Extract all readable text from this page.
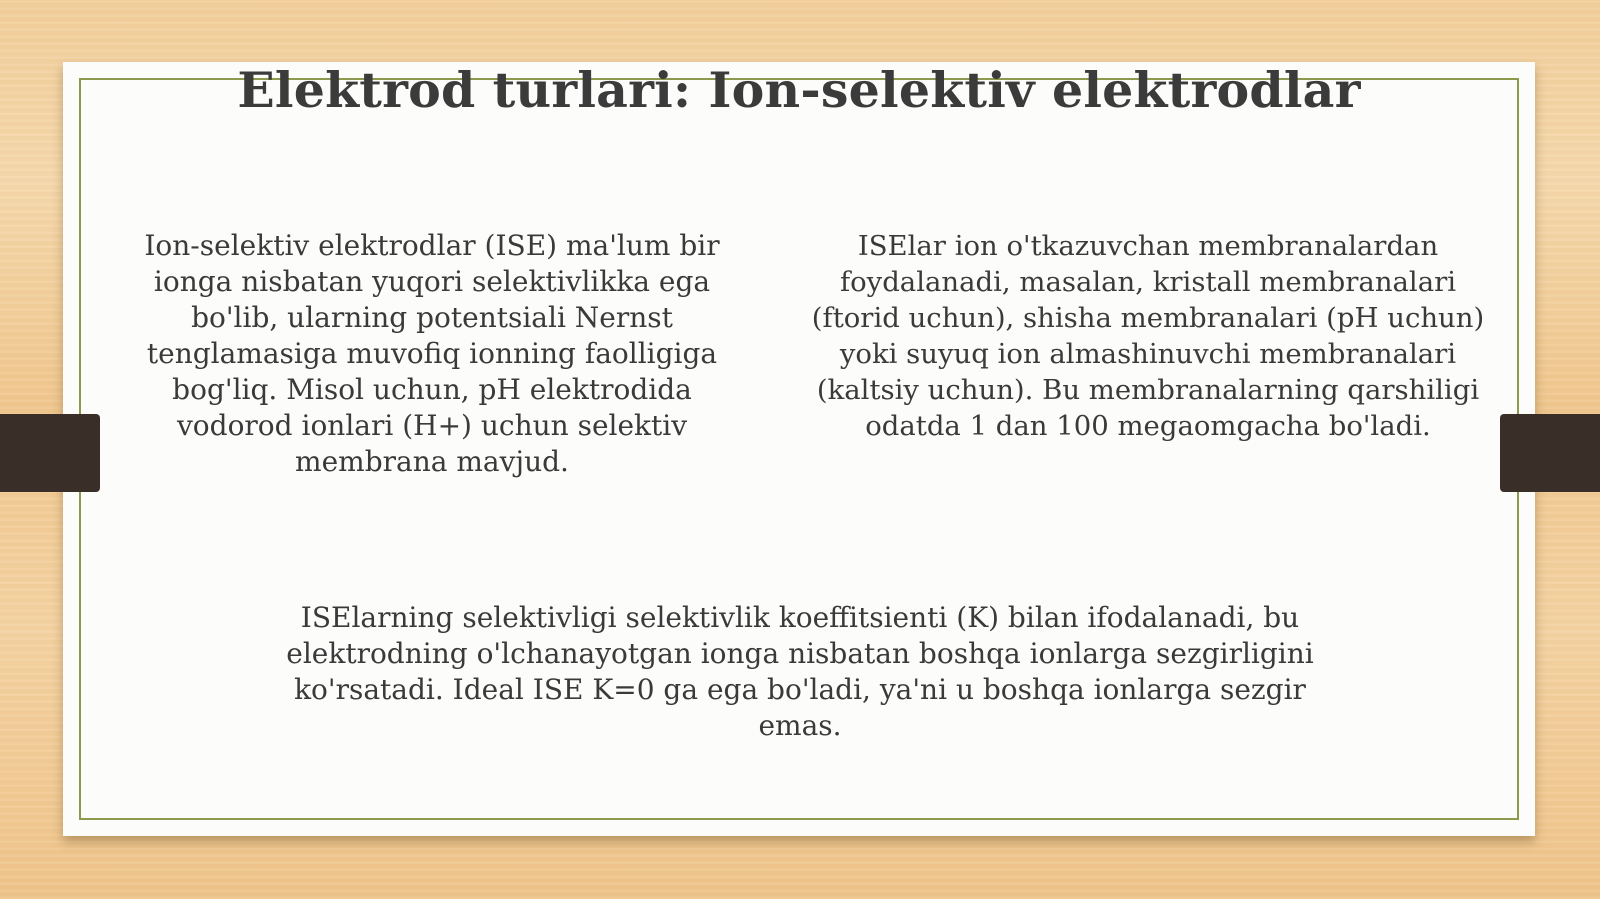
Elektrod turlari: Ion-selektiv elektrodlar

Ion-selektiv elektrodlar (ISE) ma'lum bir ionga nisbatan yuqori selektivlikka ega bo'lib, ularning potentsiali Nernst tenglamasiga muvofiq ionning faolligiga bog'liq. Misol uchun, pH elektrodida vodorod ionlari (H+) uchun selektiv membrana mavjud.

ISElar ion o'tkazuvchan membranalardan foydalanadi, masalan, kristall membranalari (ftorid uchun), shisha membranalari (pH uchun) yoki suyuq ion almashinuvchi membranalari (kaltsiy uchun). Bu membranalarning qarshiligi odatda 1 dan 100 megaomgacha bo'ladi.

ISElarning selektivligi selektivlik koeffitsienti (K) bilan ifodalanadi, bu elektrodning o'lchanayotgan ionga nisbatan boshqa ionlarga sezgirligini ko'rsatadi. Ideal ISE K=0 ga ega bo'ladi, ya'ni u boshqa ionlarga sezgir emas.
